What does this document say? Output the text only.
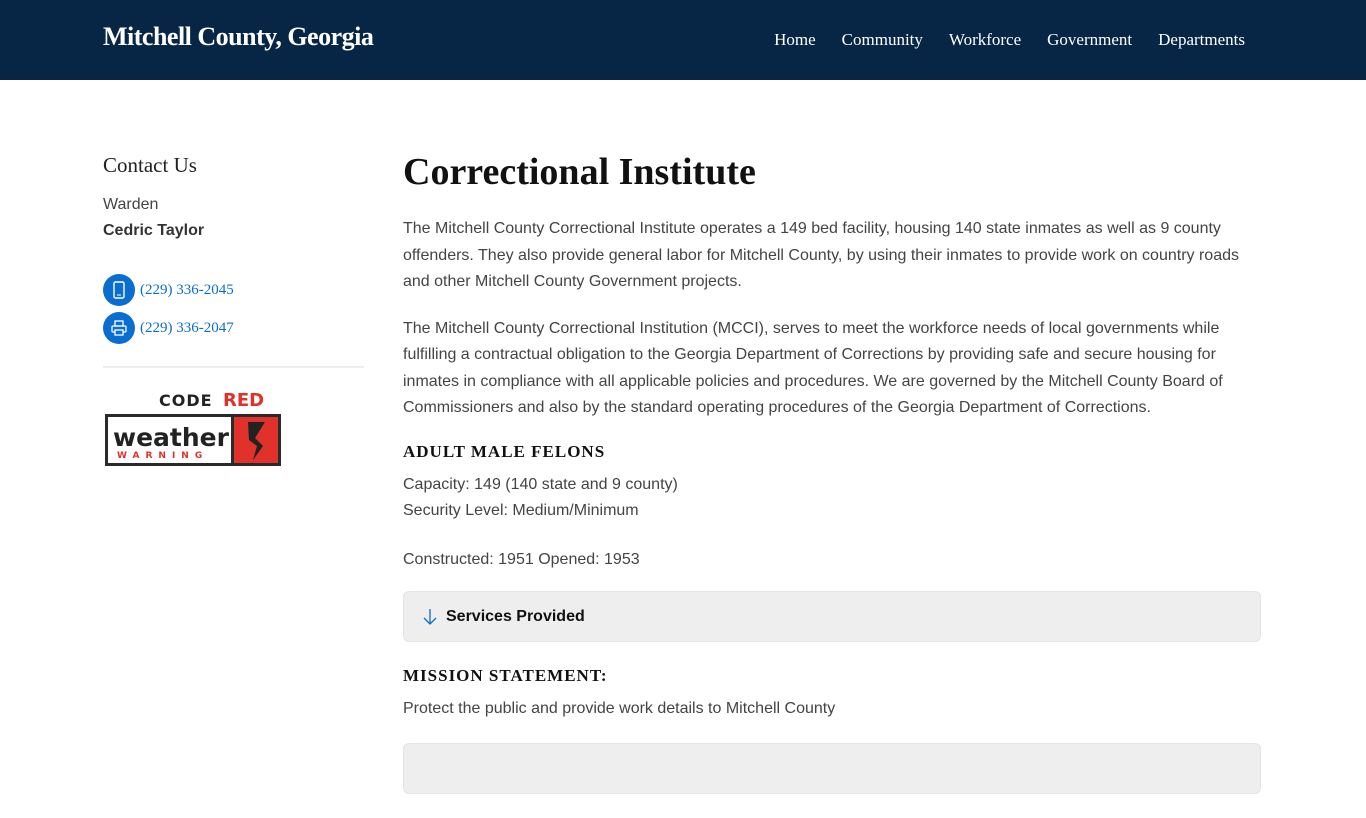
Mitchell County, Georgia	Home Community Workforce Government Departments
Contact Us
Warden
Cedric Taylor
(229) 336-2045
(229) 336-2047
CODE RED
weather
WARNING
Correctional Institute

The Mitchell County Correctional Institute operates a 149 bed facility, housing 140 state inmates as well as 9 county offenders. They also provide general labor for Mitchell County, by using their inmates to provide work on country roads and other Mitchell County Government projects.

The Mitchell County Correctional Institution (MCCI), serves to meet the workforce needs of local governments while fulfilling a contractual obligation to the Georgia Department of Corrections by providing safe and secure housing for inmates in compliance with all applicable policies and procedures. We are governed by the Mitchell County Board of Commissioners and also by the standard operating procedures of the Georgia Department of Corrections.

ADULT MALE FELONS

Capacity: 149 (140 state and 9 county)
Security Level: Medium/Minimum

Constructed: 1951 Opened: 1953

Services Provided
MISSION STATEMENT:

Protect the public and provide work details to Mitchell County
